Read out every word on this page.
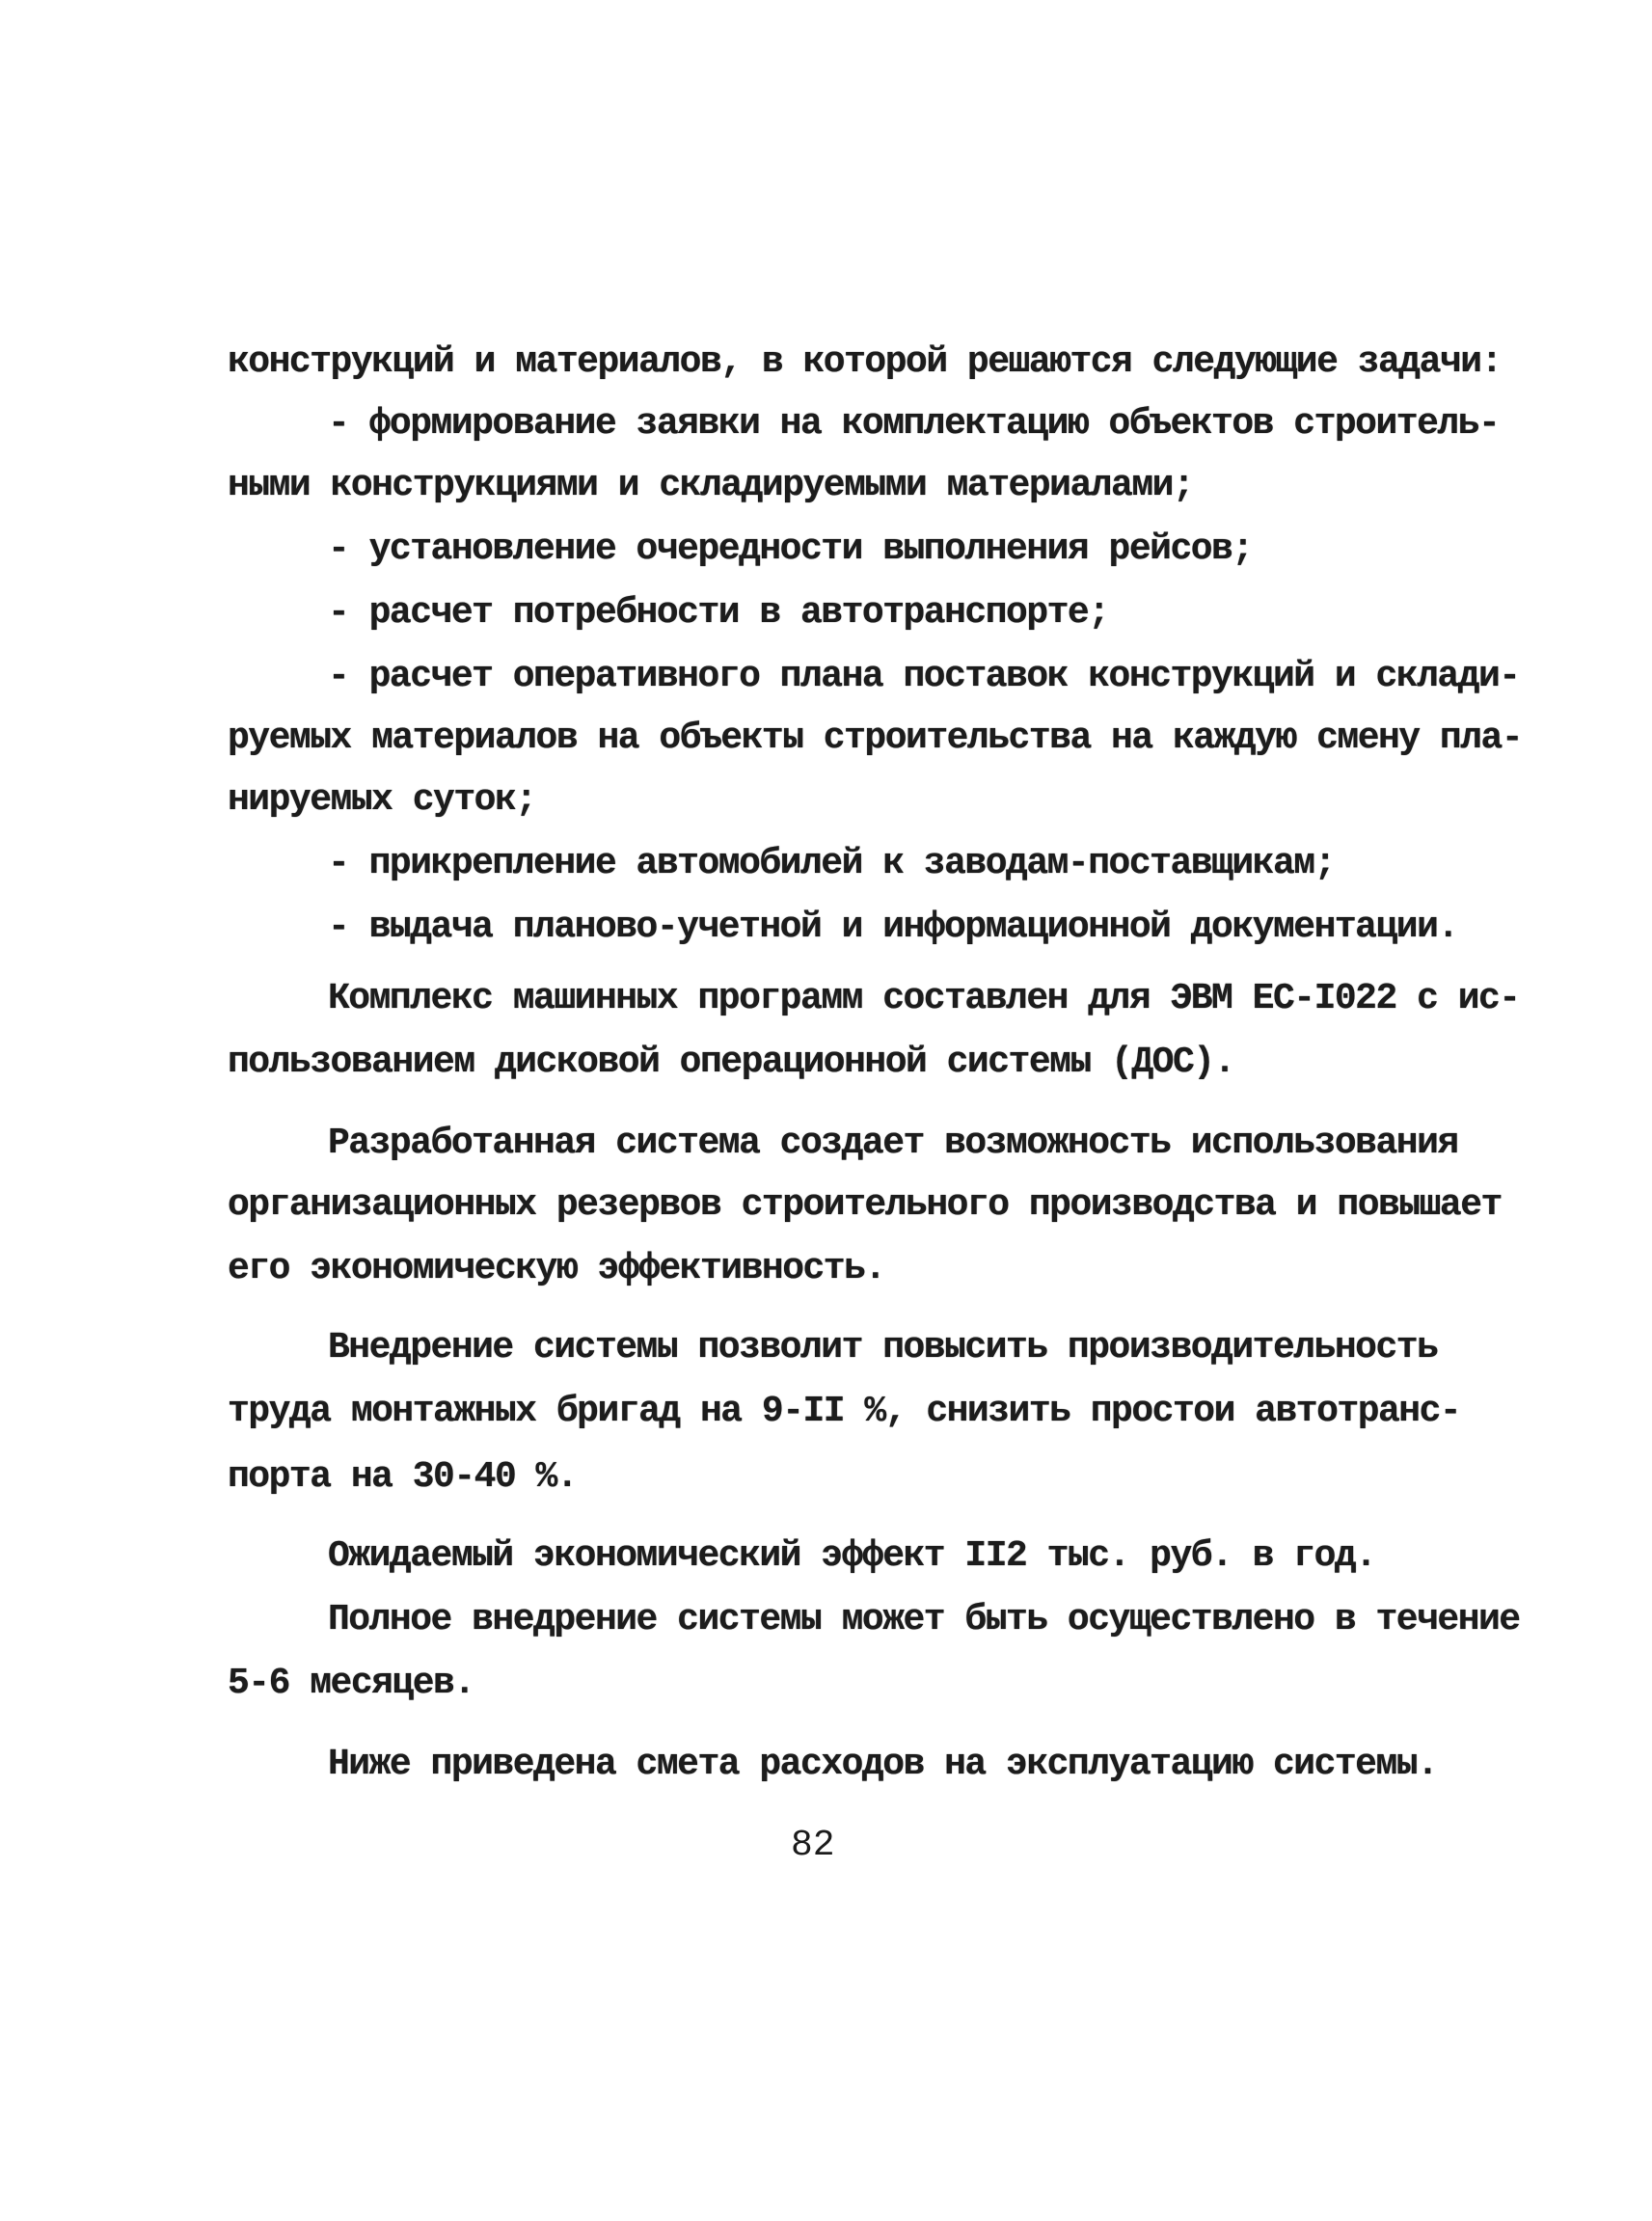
конструкций и материалов, в которой решаются следующие задачи:
- формирование заявки на комплектацию объектов строитель-
ными конструкциями и складируемыми материалами;
- установление очередности выполнения рейсов;
- расчет потребности в автотранспорте;
- расчет оперативного плана поставок конструкций и склади-
руемых материалов на объекты строительства на каждую смену пла-
нируемых суток;
- прикрепление автомобилей к заводам-поставщикам;
- выдача планово-учетной и информационной документации.
Комплекс машинных программ составлен для ЭВМ ЕС-I022 с ис-
пользованием дисковой операционной системы (ДОС).
Разработанная система создает возможность использования
организационных резервов строительного производства и повышает
его экономическую эффективность.
Внедрение системы позволит повысить производительность
труда монтажных бригад на 9-II %, снизить простои автотранс-
порта на 30-40 %.
Ожидаемый экономический эффект II2 тыс. руб. в год.
Полное внедрение системы может быть осуществлено в течение
5-6 месяцев.
Ниже приведена смета расходов на эксплуатацию системы.
82
